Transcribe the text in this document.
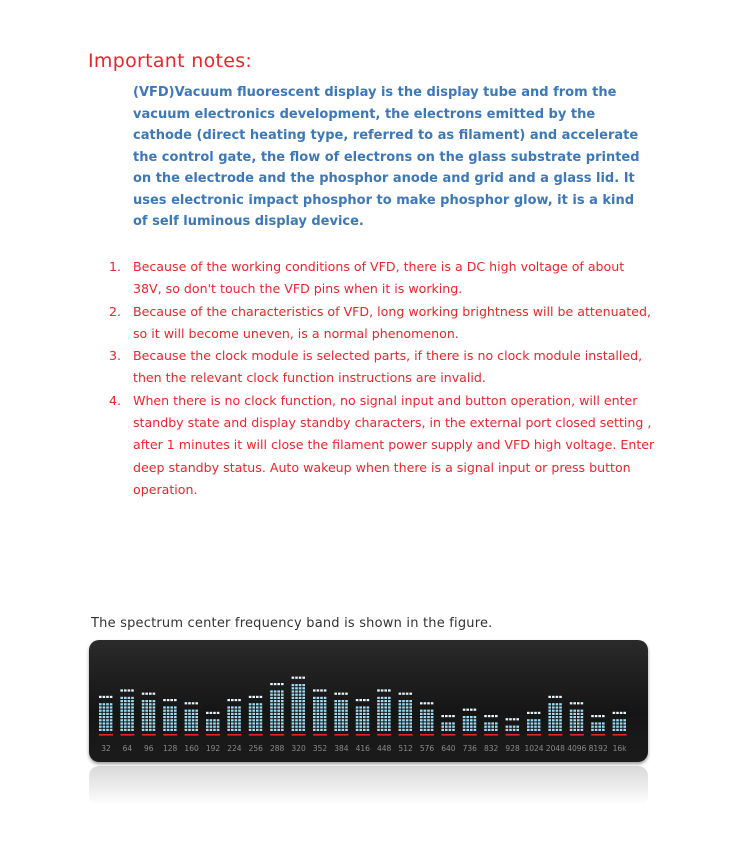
Important notes:
(VFD)Vacuum fluorescent display is the display tube and from the vacuum electronics development, the electrons emitted by the cathode (direct heating type, referred to as filament) and accelerate the control gate, the flow of electrons on the glass substrate printed on the electrode and the phosphor anode and grid and a glass lid. It uses electronic impact phosphor to make phosphor glow, it is a kind of self luminous display device.
1. Because of the working conditions of VFD, there is a DC high voltage of about 38V, so don't touch the VFD pins when it is working.
2. Because of the characteristics of VFD, long working brightness will be attenuated, so it will become uneven, is a normal phenomenon.
3. Because the clock module is selected parts, if there is no clock module installed, then the relevant clock function instructions are invalid.
4. When there is no clock function, no signal input and button operation, will enter standby state and display standby characters, in the external port closed setting , after 1 minutes it will close the filament power supply and VFD high voltage. Enter deep standby status. Auto wakeup when there is a signal input or press button operation.
The spectrum center frequency band is shown in the figure.
32	64	96	128 160 192 224 256 288 320 352 384 416 448 512 576 640 736 832 928 1024 2048 4096 8192 16k
